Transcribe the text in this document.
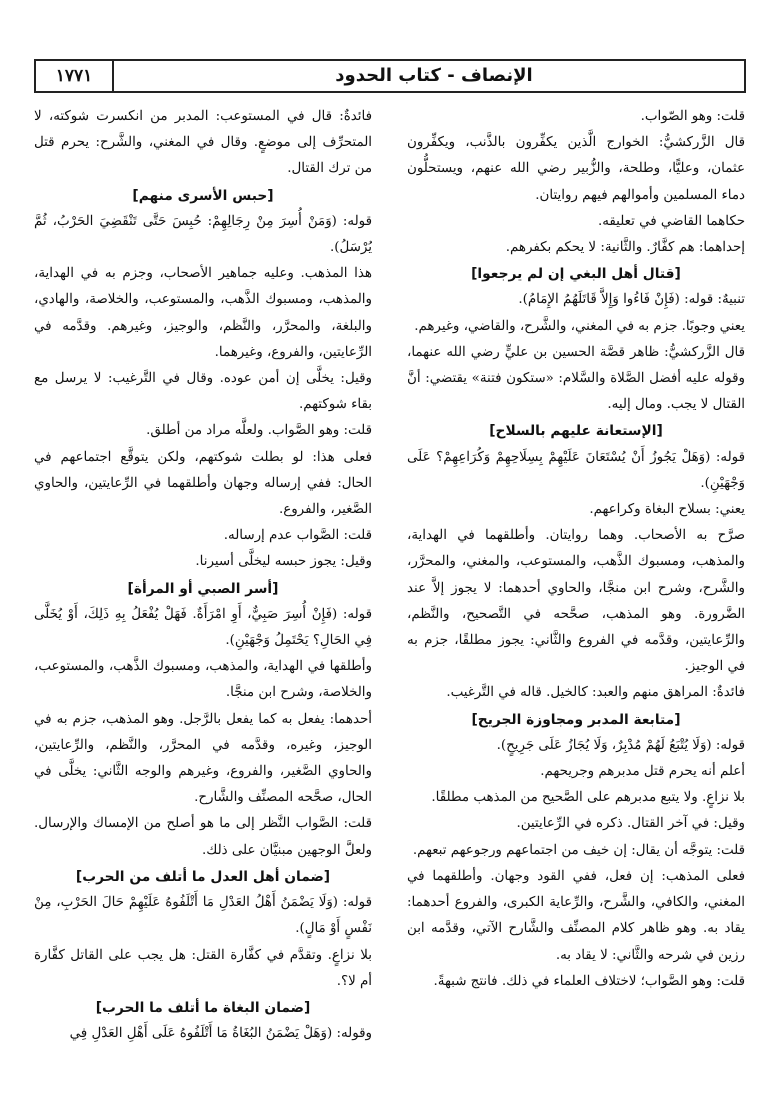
١٧٧١	الإنصاف - كتاب الحدود

قلت: وهو الصّواب.

قال الزَّركشيُّ: الخوارج الَّذين يكفِّرون بالذَّنب، ويكفِّرون عثمان، وعليًّا، وطلحة، والزُّبير رضي الله عنهم، ويستحلُّون دماء المسلمين وأموالهم فيهم روايتان.

حكاهما القاضي في تعليقه.

إحداهما: هم كفَّارٌ. والثَّانية: لا يحكم بكفرهم.

[قتال أهل البغي إن لم يرجعوا]

تنبيهٌ: قوله: (فَإِنْ فَاءُوا وَإِلاَّ قَاتَلَهُمُ الإِمَامُ).

يعني وجوبًا. جزم به في المغني، والشَّرح، والقاضي، وغيرهم.

قال الزَّركشيُّ: ظاهر قصَّة الحسين بن عليٍّ رضي الله عنهما، وقوله عليه أفضل الصَّلاة والسَّلام: «ستكون فتنة» يقتضي: أنَّ القتال لا يجب. ومال إليه.

[الإستعانة عليهم بالسلاح]

قوله: (وَهَلْ يَجُوزُ أَنْ يُسْتَعَانَ عَلَيْهِمْ بِسِلَاحِهِمْ وَكُرَاعِهِمْ؟ عَلَى وَجْهَيْنِ).

يعني: بسلاح البغاة وكراعهم.

صرَّح به الأصحاب. وهما روايتان. وأطلقهما في الهداية، والمذهب، ومسبوك الذَّهب، والمستوعب، والمغني، والمحرَّر، والشَّرح، وشرح ابن منجَّا، والحاوي أحدهما: لا يجوز إلاَّ عند الضَّرورة. وهو المذهب، صحَّحه في التَّصحيح، والنَّظم، والرِّعايتين، وقدَّمه في الفروع والثَّاني: يجوز مطلقًا، جزم به في الوجيز.

فائدةٌ: المراهق منهم والعبد: كالخيل. قاله في التَّرغيب.

[متابعة المدبر ومجاوزة الجريح]

قوله: (وَلَا يُتْبَعُ لَهُمْ مُدْبِرٌ، وَلَا يُجَازُ عَلَى جَرِيحٍ).

أعلم أنه يحرم قتل مدبرهم وجريحهم.

بلا نزاعٍ. ولا يتبع مدبرهم على الصَّحيح من المذهب مطلقًا.

وقيل: في آخر القتال. ذكره في الرِّعايتين.

قلت: يتوجَّه أن يقال: إن خيف من اجتماعهم ورجوعهم تبعهم.

فعلى المذهب: إن فعل، ففي القود وجهان. وأطلقهما في المغني، والكافي، والشَّرح، والرِّعاية الكبرى، والفروع أحدهما: يقاد به. وهو ظاهر كلام المصنِّف والشَّارح الآتي، وقدَّمه ابن رزين في شرحه والثَّاني: لا يقاد به.

قلت: وهو الصَّواب؛ لاختلاف العلماء في ذلك. فانتج شبهةً.

فائدةٌ: قال في المستوعب: المدبر من انكسرت شوكته، لا المتحرِّف إلى موضعٍ. وقال في المغني، والشَّرح: يحرم قتل من ترك القتال.

[حبس الأسرى منهم]

قوله: (وَمَنْ أُسِرَ مِنْ رِجَالِهِمْ: حُبِسَ حَتَّى تَنْقَضِيَ الحَرْبُ، ثُمَّ يُرْسَلُ).

هذا المذهب. وعليه جماهير الأصحاب، وجزم به في الهداية، والمذهب، ومسبوك الذَّهب، والمستوعب، والخلاصة، والهادي، والبلغة، والمحرَّر، والنَّظم، والوجيز، وغيرهم. وقدَّمه في الرِّعايتين، والفروع، وغيرهما.

وقيل: يخلَّى إن أمن عوده. وقال في التَّرغيب: لا يرسل مع بقاء شوكتهم.

قلت: وهو الصَّواب. ولعلَّه مراد من أطلق.

فعلى هذا: لو بطلت شوكتهم، ولكن يتوقَّع اجتماعهم في الحال: ففي إرساله وجهان وأطلقهما في الرِّعايتين، والحاوي الصَّغير، والفروع.

قلت: الصَّواب عدم إرساله.

وقيل: يجوز حبسه ليخلَّى أسيرنا.

[أسر الصبي أو المرأة]

قوله: (فَإِنْ أُسِرَ صَبِيٌّ، أَوِ امْرَأَةٌ. فَهَلْ يُفْعَلُ بِهِ ذَلِكَ، أَوْ يُخَلَّى فِي الحَالِ؟ يَحْتَمِلُ وَجْهَيْنِ).

وأطلقها في الهداية، والمذهب، ومسبوك الذَّهب، والمستوعب، والخلاصة، وشرح ابن منجَّا.

أحدهما: يفعل به كما يفعل بالرَّجل. وهو المذهب، جزم به في الوجيز، وغيره، وقدَّمه في المحرَّر، والنَّظم، والرِّعايتين، والحاوي الصَّغير، والفروع، وغيرهم والوجه الثَّاني: يخلَّى في الحال، صحَّحه المصنِّف والشَّارح.

قلت: الصَّواب النَّظر إلى ما هو أصلح من الإمساك والإرسال. ولعلَّ الوجهين مبنيَّان على ذلك.

[ضمان أهل العدل ما أتلف من الحرب]

قوله: (وَلَا يَضْمَنُ أَهْلُ العَدْلِ مَا أَتْلَفُوهُ عَلَيْهِمْ حَالَ الحَرْبِ، مِنْ نَفْسٍ أَوْ مَالٍ).

بلا نزاعٍ. وتقدَّم في كفَّارة القتل: هل يجب على القاتل كفَّارة أم لا؟.

[ضمان البغاة ما أتلف ما الحرب]

وقوله: (وَهَلْ يَضْمَنُ البُغَاةُ مَا أَتْلَفُوهُ عَلَى أَهْلِ العَدْلِ فِي
